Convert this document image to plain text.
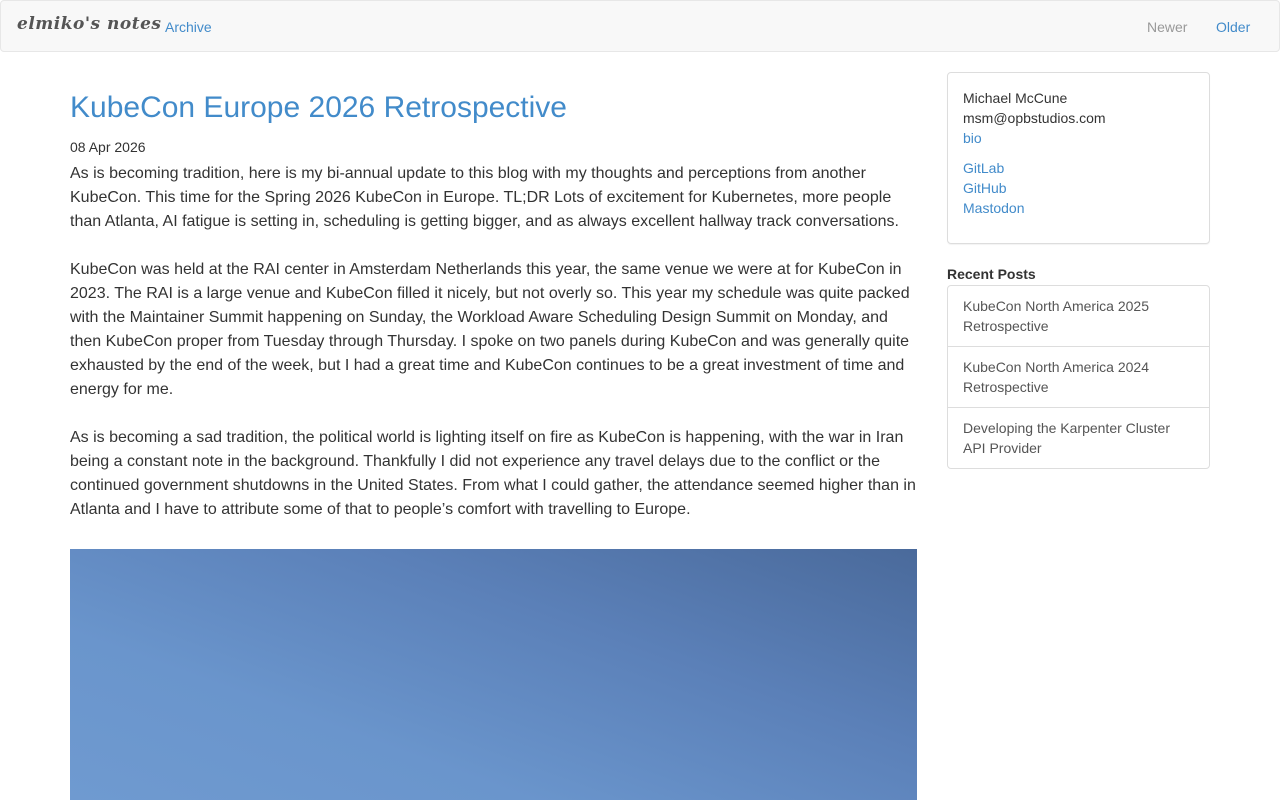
elmiko's notes Archive	Newer Older
KubeCon Europe 2026 Retrospective
08 Apr 2026

As is becoming tradition, here is my bi-annual update to this blog with my thoughts and perceptions from another KubeCon. This time for the Spring 2026 KubeCon in Europe. TL;DR Lots of excitement for Kubernetes, more people than Atlanta, AI fatigue is setting in, scheduling is getting bigger, and as always excellent hallway track conversations.

KubeCon was held at the RAI center in Amsterdam Netherlands this year, the same venue we were at for KubeCon in 2023. The RAI is a large venue and KubeCon filled it nicely, but not overly so. This year my schedule was quite packed with the Maintainer Summit happening on Sunday, the Workload Aware Scheduling Design Summit on Monday, and then KubeCon proper from Tuesday through Thursday. I spoke on two panels during KubeCon and was generally quite exhausted by the end of the week, but I had a great time and KubeCon continues to be a great investment of time and energy for me.

As is becoming a sad tradition, the political world is lighting itself on fire as KubeCon is happening, with the war in Iran being a constant note in the background. Thankfully I did not experience any travel delays due to the conflict or the continued government shutdowns in the United States. From what I could gather, the attendance seemed higher than in Atlanta and I have to attribute some of that to people’s comfort with travelling to Europe.

Michael McCune
msm@opbstudios.com
bio
GitLab
GitHub
Mastodon
Recent Posts
KubeCon North America 2025 Retrospective
KubeCon North America 2024 Retrospective
Developing the Karpenter Cluster API Provider
